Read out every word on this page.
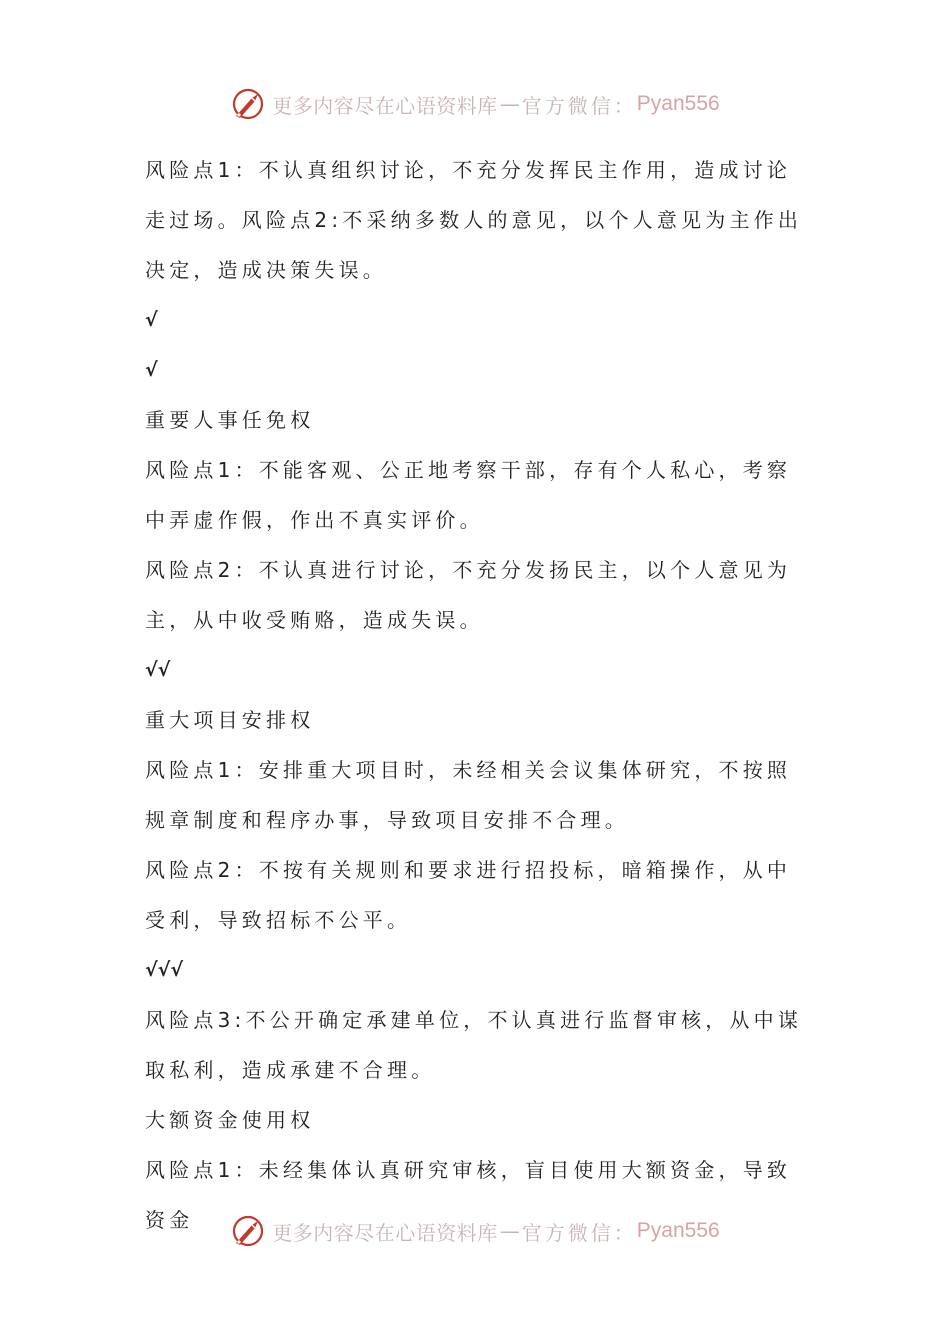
更多内容尽在心语资料库 — 官方微信： Pyan556

风险点1：不认真组织讨论，不充分发挥民主作用，造成讨论走过场。风险点2:不采纳多数人的意见，以个人意见为主作出决定，造成决策失误。

√

√

重要人事任免权

风险点1：不能客观、公正地考察干部，存有个人私心，考察中弄虚作假，作出不真实评价。

风险点2：不认真进行讨论，不充分发扬民主，以个人意见为主，从中收受贿赂，造成失误。

√√

重大项目安排权

风险点1：安排重大项目时，未经相关会议集体研究，不按照规章制度和程序办事，导致项目安排不合理。

风险点2：不按有关规则和要求进行招投标，暗箱操作，从中受利，导致招标不公平。

√√√

风险点3:不公开确定承建单位，不认真进行监督审核，从中谋取私利，造成承建不合理。

大额资金使用权

风险点1：未经集体认真研究审核，盲目使用大额资金，导致资金

更多内容尽在心语资料库 — 官方微信： Pyan556
